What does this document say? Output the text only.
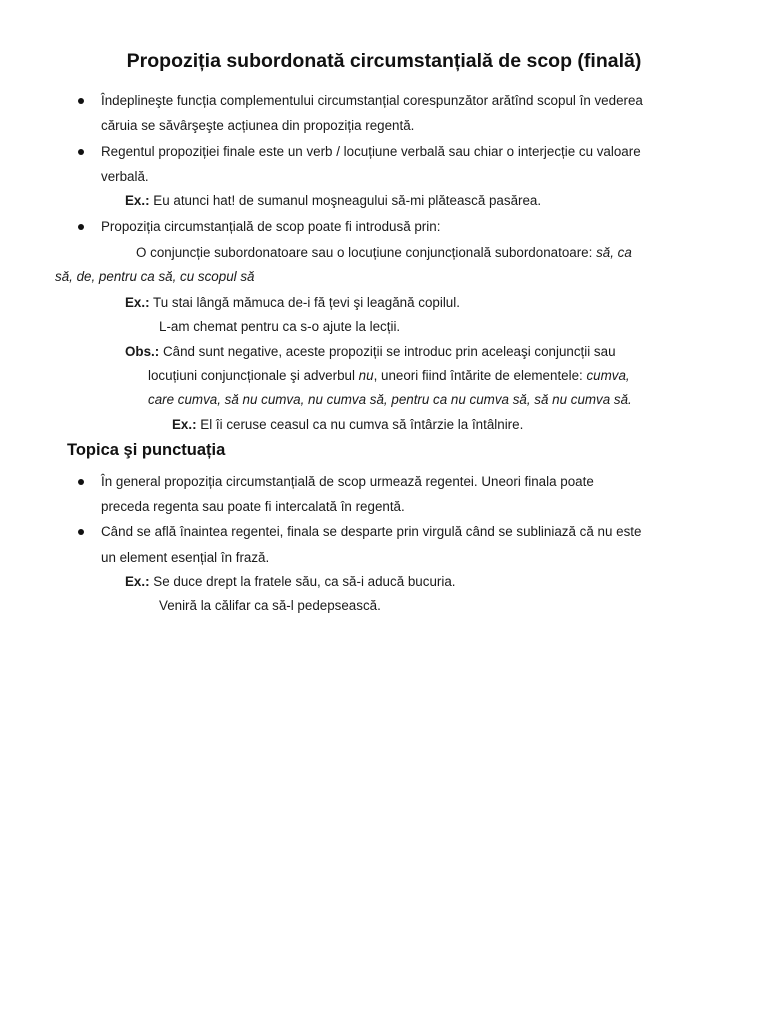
Propoziția subordonată circumstanțială de scop (finală)
Îndeplineşte funcția complementului circumstanțial corespunzător arătînd scopul în vederea
căruia se săvârşeşte acțiunea din propoziția regentă.
Regentul propoziției finale este un verb / locuțiune verbală sau chiar o interjecție cu valoare
verbală.
Ex.: Eu atunci hat! de sumanul moşneagului să-mi plătească pasărea.
Propoziția circumstanțială de scop poate fi introdusă prin:
O conjuncție subordonatoare sau o locuțiune conjuncțională subordonatoare: să, ca
să, de, pentru ca să, cu scopul să
Ex.: Tu stai lângă mămuca de-i fă țevi şi leagănă copilul.
L-am chemat pentru ca s-o ajute la lecții.
Obs.: Când sunt negative, aceste propoziții se introduc prin aceleaşi conjuncții sau
locuțiuni conjuncționale şi adverbul nu, uneori fiind întărite de elementele: cumva,
care cumva, să nu cumva, nu cumva să, pentru ca nu cumva să, să nu cumva să.
Ex.: El îi ceruse ceasul ca nu cumva să întârzie la întâlnire.
Topica şi punctuația
În general propoziția circumstanțială de scop urmează regentei. Uneori finala poate
preceda regenta sau poate fi intercalată în regentă.
Când se află înaintea regentei, finala se desparte prin virgulă când se subliniază că nu este
un element esențial în frază.
Ex.: Se duce drept la fratele său, ca să-i aducă bucuria.
Veniră la călifar ca să-l pedepsească.
